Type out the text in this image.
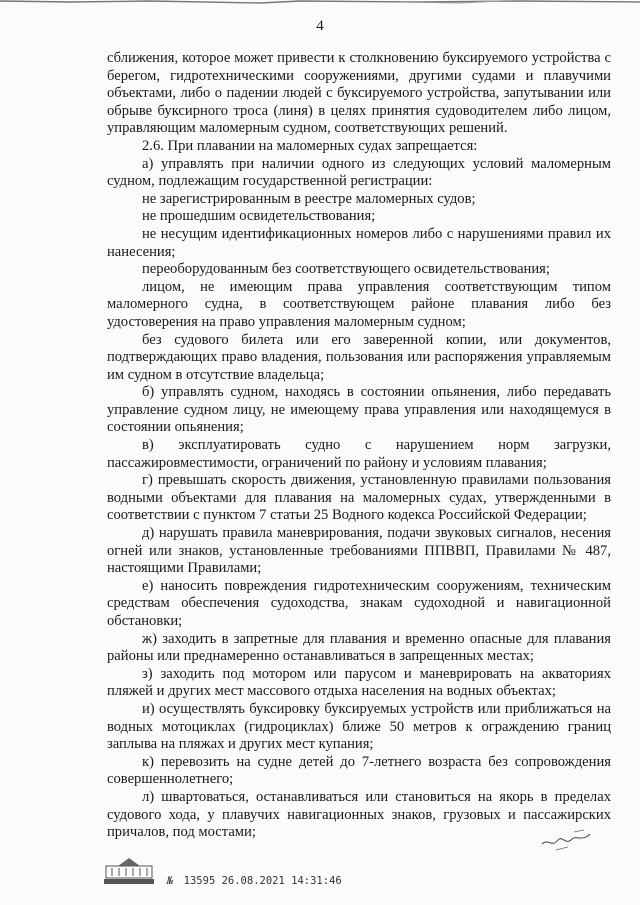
4

сближения, которое может привести к столкновению буксируемого устройства с берегом, гидротехническими сооружениями, другими судами и плавучими объектами, либо о падении людей с буксируемого устройства, запутывании или обрыве буксирного троса (линя) в целях принятия судоводителем либо лицом, управляющим маломерным судном, соответствующих решений.

2.6. При плавании на маломерных судах запрещается:

а) управлять при наличии одного из следующих условий маломерным судном, подлежащим государственной регистрации:

не зарегистрированным в реестре маломерных судов;

не прошедшим освидетельствования;

не несущим идентификационных номеров либо с нарушениями правил их нанесения;

переоборудованным без соответствующего освидетельствования;

лицом, не имеющим права управления соответствующим типом маломерного судна, в соответствующем районе плавания либо без удостоверения на право управления маломерным судном;

без судового билета или его заверенной копии, или документов, подтверждающих право владения, пользования или распоряжения управляемым им судном в отсутствие владельца;

б) управлять судном, находясь в состоянии опьянения, либо передавать управление судном лицу, не имеющему права управления или находящемуся в состоянии опьянения;

в) эксплуатировать судно с нарушением норм загрузки, пассажировместимости, ограничений по району и условиям плавания;

г) превышать скорость движения, установленную правилами пользования водными объектами для плавания на маломерных судах, утвержденными в соответствии с пунктом 7 статьи 25 Водного кодекса Российской Федерации;

д) нарушать правила маневрирования, подачи звуковых сигналов, несения огней или знаков, установленные требованиями ППВВП, Правилами № 487, настоящими Правилами;

е) наносить повреждения гидротехническим сооружениям, техническим средствам обеспечения судоходства, знакам судоходной и навигационной обстановки;

ж) заходить в запретные для плавания и временно опасные для плавания районы или преднамеренно останавливаться в запрещенных местах;

з) заходить под мотором или парусом и маневрировать на акваториях пляжей и других мест массового отдыха населения на водных объектах;

и) осуществлять буксировку буксируемых устройств или приближаться на водных мотоциклах (гидроциклах) ближе 50 метров к ограждению границ заплыва на пляжах и других мест купания;

к) перевозить на судне детей до 7-летнего возраста без сопровождения совершеннолетнего;

л) швартоваться, останавливаться или становиться на якорь в пределах судового хода, у плавучих навигационных знаков, грузовых и пассажирских причалов, под мостами;

№ 13595 26.08.2021 14:31:46
